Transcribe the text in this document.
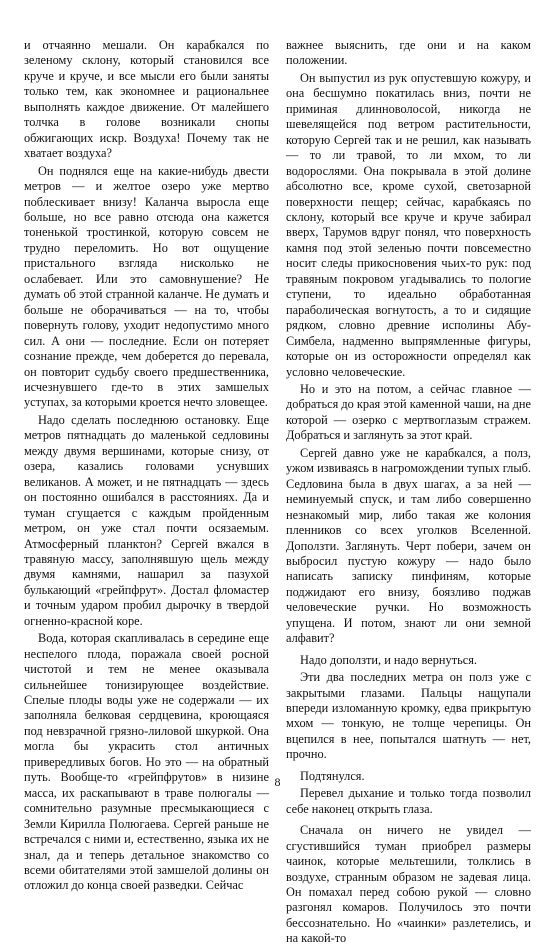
и отчаянно мешали. Он карабкался по зеленому склону, который становился все круче и круче, и все мысли его были заняты только тем, как экономнее и рациональнее выполнять каждое движение. От малейшего толчка в голове возникали снопы обжигающих искр. Воздуха! Почему так не хватает воздуха?

Он поднялся еще на какие-нибудь двести метров — и желтое озеро уже мертво поблескивает внизу! Каланча выросла еще больше, но все равно отсюда она кажется тоненькой тростинкой, которую совсем не трудно переломить. Но вот ощущение пристального взгляда нисколько не ослабевает. Или это самовнушение? Не думать об этой странной каланче. Не думать и больше не оборачиваться — на то, чтобы повернуть голову, уходит недопустимо много сил. А они — последние. Если он потеряет сознание прежде, чем доберется до перевала, он повторит судьбу своего предшественника, исчезнувшего где-то в этих замшелых уступах, за которыми кроется нечто зловещее.

Надо сделать последнюю остановку. Еще метров пятнадцать до маленькой седловины между двумя вершинами, которые снизу, от озера, казались головами уснувших великанов. А может, и не пятнадцать — здесь он постоянно ошибался в расстояниях. Да и туман сгущается с каждым пройденным метром, он уже стал почти осязаемым. Атмосферный планктон? Сергей вжался в травяную массу, заполнявшую щель между двумя камнями, нашарил за пазухой булькающий «грейпфрут». Достал фломастер и точным ударом пробил дырочку в твердой огненно-красной коре.

Вода, которая скапливалась в середине еще неспелого плода, поражала своей росной чистотой и тем не менее оказывала сильнейшее тонизирующее воздействие. Спелые плоды воды уже не содержали — их заполняла белковая сердцевина, кроющаяся под невзрачной грязно-лиловой шкуркой. Она могла бы украсить стол античных привередливых богов. Но это — на обратный путь. Вообще-то «грейпфрутов» в низине масса, их раскапывают в траве полюгалы — сомнительно разумные пресмыкающиеся с Земли Кирилла Полюгаева. Сергей раньше не встречался с ними и, естественно, языка их не знал, да и теперь детальное знакомство со всеми обитателями этой замшелой долины он отложил до конца своей разведки. Сейчас

важнее выяснить, где они и на каком положении.

Он выпустил из рук опустевшую кожуру, и она бесшумно покатилась вниз, почти не приминая длинноволосой, никогда не шевелящейся под ветром растительности, которую Сергей так и не решил, как называть — то ли травой, то ли мхом, то ли водорослями. Она покрывала в этой долине абсолютно все, кроме сухой, светозарной поверхности пещер; сейчас, карабкаясь по склону, который все круче и круче забирал вверх, Тарумов вдруг понял, что поверхность камня под этой зеленью почти повсеместно носит следы прикосновения чьих-то рук: под травяным покровом угадывались то пологие ступени, то идеально обработанная параболическая вогнутость, а то и сидящие рядком, словно древние исполины Абу-Симбела, надменно выпрямленные фигуры, которые он из осторожности определял как условно человеческие.

Но и это на потом, а сейчас главное — добраться до края этой каменной чаши, на дне которой — озерко с мертвоглазым стражем. Добраться и заглянуть за этот край.

Сергей давно уже не карабкался, а полз, ужом извиваясь в нагромождении тупых глыб. Седловина была в двух шагах, а за ней — неминуемый спуск, и там либо совершенно незнакомый мир, либо такая же колония пленников со всех уголков Вселенной. Доползти. Заглянуть. Черт побери, зачем он выбросил пустую кожуру — надо было написать записку пинфиням, которые поджидают его внизу, боязливо поджав человеческие ручки. Но возможность упущена. И потом, знают ли они земной алфавит?

Надо доползти, и надо вернуться.

Эти два последних метра он полз уже с закрытыми глазами. Пальцы нащупали впереди изломанную кромку, едва прикрытую мхом — тонкую, не толще черепицы. Он вцепился в нее, попытался шатнуть — нет, прочно.

Подтянулся.

Перевел дыхание и только тогда позволил себе наконец открыть глаза.

Сначала он ничего не увидел — сгустившийся туман приобрел размеры чаинок, которые мельтешили, толклись в воздухе, странным образом не задевая лица. Он помахал перед собою рукой — словно разгонял комаров. Получилось это почти бессознательно. Но «чаинки» разлетелись, и на какой-то

8
